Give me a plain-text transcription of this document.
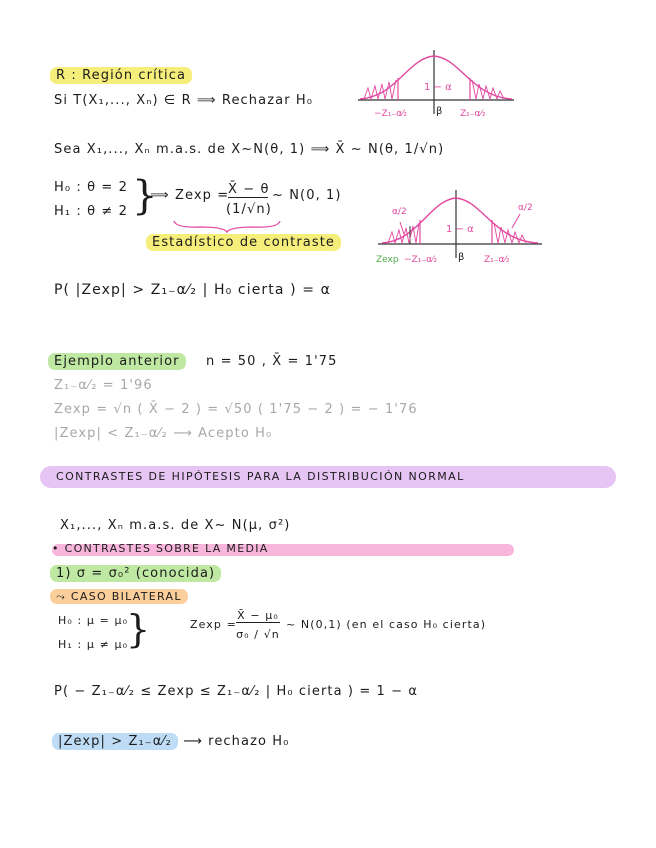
R : Región crítica
Si T(X₁,..., Xₙ) ∈ R ⟹ Rechazar H₀
1 − α
β
−Z₁₋α⁄₂	Z₁₋α⁄₂
Sea X₁,..., Xₙ m.a.s. de X~N(θ, 1) ⟹ X̄ ~ N(θ, 1/√n)
H₀ : θ = 2
H₁ : θ ≠ 2 }
⟹ Zexp =
X̄ − θ
(1/√n)
~ N(0, 1)
Estadístico de contraste
α/2	α/2
1 − α
Zexp −Z₁₋α⁄₂ β Z₁₋α⁄₂
P( |Zexp| > Z₁₋α⁄₂ | H₀ cierta ) = α
Ejemplo anterior	n = 50 , X̄ = 1'75
Z₁₋α⁄₂ = 1'96
Zexp = √n ( X̄ − 2 ) = √50 ( 1'75 − 2 ) = − 1'76
|Zexp| < Z₁₋α⁄₂ ⟶ Acepto H₀
CONTRASTES DE HIPÓTESIS PARA LA DISTRIBUCIÓN NORMAL
X₁,..., Xₙ m.a.s. de X~ N(μ, σ²)
• CONTRASTES SOBRE LA MEDIA
1) σ = σ₀² (conocida)
⤳ CASO BILATERAL
H₀ : μ = μ₀
H₁ : μ ≠ μ₀
}	Zexp =
X̄ − μ₀
σ₀ / √n
~ N(0,1) (en el caso H₀ cierta)
P( − Z₁₋α⁄₂ ≤ Zexp ≤ Z₁₋α⁄₂ | H₀ cierta ) = 1 − α
|Zexp| > Z₁₋α⁄₂ ⟶ rechazo H₀
